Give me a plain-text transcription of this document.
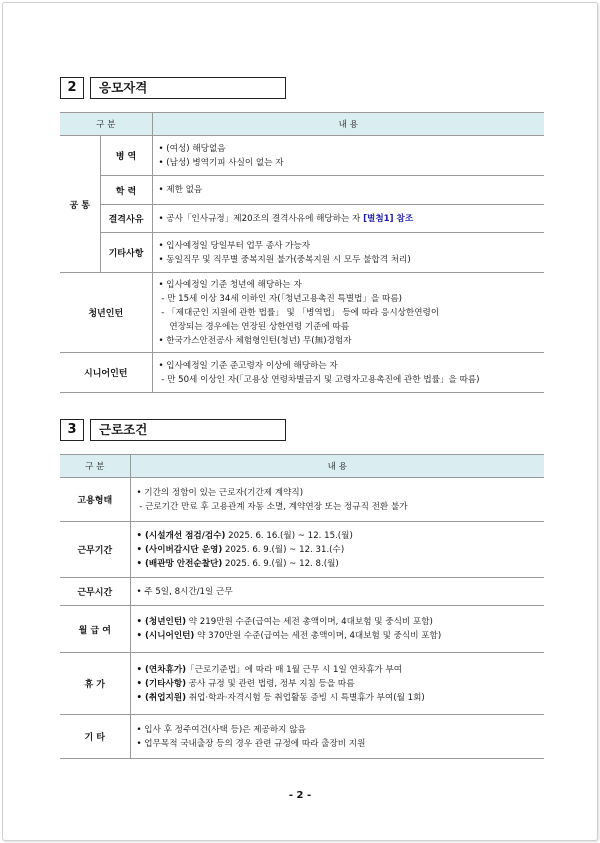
2	응모자격
구 분		내 용
공 통	병 역	• (여성) 해당없음
• (남성) 병역기피 사실이 없는 자

	학 력	• 제한 없음

	결격사유	• 공사「인사규정」제20조의 결격사유에 해당하는 자 [별첨1] 참조

	기타사항	• 입사예정일 당일부터 업무 종사 가능자
• 동일직무 및 직무별 중복지원 불가(중복지원 시 모두 불합격 처리)

청년인턴		• 입사예정일 기준 청년에 해당하는 자
- 만 15세 이상 34세 이하인 자(「청년고용촉진 특별법」을 따름)
- 「제대군인 지원에 관한 법률」 및 「병역법」 등에 따라 응시상한연령이
연장되는 경우에는 연장된 상한연령 기준에 따름
• 한국가스안전공사 체험형인턴(청년) 무(無)경험자

시니어인턴		• 입사예정일 기준 준고령자 이상에 해당하는 자
- 만 50세 이상인 자(「고용상 연령차별금지 및 고령자고용촉진에 관한 법률」을 따름)
3	근로조건
구 분	내 용
고용형태	• 기간의 정함이 있는 근로자(기간제 계약직)
- 근로기간 만료 후 고용관계 자동 소멸, 계약연장 또는 정규직 전환 불가

근무기간	• (시설개선 점검/검수) 2025. 6. 16.(월) ~ 12. 15.(월)
• (사이버감시단 운영) 2025. 6. 9.(월) ~ 12. 31.(수)
• (배관망 안전순찰단) 2025. 6. 9.(월) ~ 12. 8.(월)

근무시간	• 주 5일, 8시간/1일 근무

월 급 여	• (청년인턴) 약 219만원 수준(급여는 세전 총액이며, 4대보험 및 중식비 포함)
• (시니어인턴) 약 370만원 수준(급여는 세전 총액이며, 4대보험 및 중식비 포함)

휴 가	• (연차휴가)「근로기준법」에 따라 매 1월 근무 시 1일 연차휴가 부여
• (기타사항) 공사 규정 및 관련 법령, 정부 지침 등을 따름
• (취업지원) 취업·학과·자격시험 등 취업활동 증빙 시 특별휴가 부여(월 1회)

기 타	• 입사 후 정주여건(사택 등)은 제공하지 않음
• 업무목적 국내출장 등의 경우 관련 규정에 따라 출장비 지원
- 2 -
